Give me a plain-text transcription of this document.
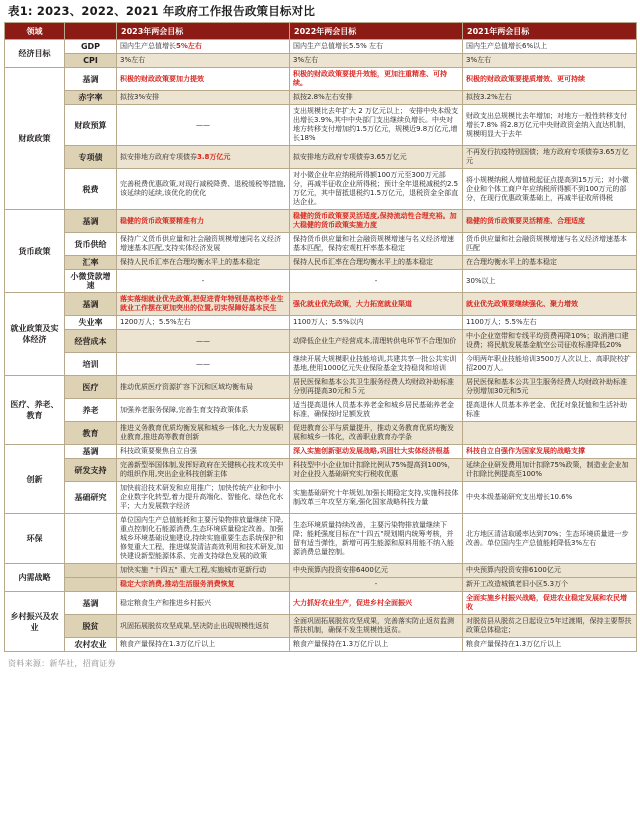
表1: 2023、2022、2021 年政府工作报告政策目标对比
领域		2023年两会目标	2022年两会目标	2021年两会目标
经济目标	GDP	国内生产总值增长5%左右	国内生产总值增长5.5% 左右	国内生产总值增长6%以上
	CPI	3%左右	3%左右	3%左右
财政政策	基调	积极的财政政策要加力提效	积极的财政政策要提升效能，更加注重精准、可持续。	积极的财政政策要提质增效、更可持续
	赤字率	拟按3%安排	拟按2.8%左右安排	拟按3.2%左右
	财政预算	——	支出规模比去年扩大 2 万亿元以上； 安排中央本级支出增长3.9%,其中中央部门支出继续负增长。中央对地方转移支付增加约1.5万亿元，规模近9.8万亿元,增长18%	财政支出总规模比去年增加；对地方一般性转移支付增长7.8% 将2.8万亿元中央财政资金纳入直达机制，规模明显大于去年
	专项债	拟安排地方政府专项债券3.8万亿元	拟安排地方政府专项债券3.65万亿元	不再发行抗疫特别国债；地方政府专项债券3.65万亿元
	税费	完善税费优惠政策,对现行减税降费、退税缓税等措施,该延续的延续,该优化的优化	对小微企业年应纳税所得额100万元至300万元部分，再减半征收企业所得税；预计全年退税减税约2.5万亿元，其中留抵退税约1.5万亿元，退税资金全部直达企业。	将小规模纳税人增值税起征点提高到15万元；对小微企业和个体工商户年应纳税所得额不到100万元的部分，在现行优惠政策基础上，再减半征收所得税
货币政策	基调	稳健的货币政策要精准有力	稳健的货币政策要灵活适度,保持流动性合理充裕。加大稳健的货币政策实施力度	稳健的货币政策要灵活精准、合理适度
	货币供给	保持广义货币供应量和社会融资规模增速同名义经济增速基本匹配,支持实体经济发展	保持货币供应量和社会融资规模增速与名义经济增速基本匹配，保持宏观杠杆率基本稳定	货币供应量和社会融资规模增速与名义经济增速基本匹配
	汇率	保持人民币汇率在合理均衡水平上的基本稳定	保持人民币汇率在合理均衡水平上的基本稳定	在合理均衡水平上的基本稳定
	小微贷款增速	-	-	30%以上
就业政策及实体经济	基调	落实落细就业优先政策,把促进青年特别是高校毕业生就业工作摆在更加突出的位置,切实保障好基本民生	强化就业优先政策，大力拓宽就业渠道	就业优先政策要继续强化、聚力增效
	失业率	1200万人；5.5%左右	1100万人；5.5%以内	1100万人；5.5%左右
	经营成本	——	动降低企业生产经营成本,清理转供电环节不合理加价	中小企业宽带和专线平均资费再降10%；取消港口建设费；将民航发展基金航空公司征收标准降低20%
	培训	——	继续开展大规模职业技能培训,共建共享一批公共实训基地,使用1000亿元失业保险基金支持稳岗和培训	今明两年职业技能培训3500万人次以上、高职院校扩招200万人。
医疗、养老、教育	医疗	推动优质医疗资源扩容下沉和区域均衡布局	居民医保和基本公共卫生服务经费人均财政补助标准分别再提高30元和５元	居民医保和基本公共卫生服务经费人均财政补助标准分别增加30元和5元
	养老	加强养老服务保障,完善生育支持政策体系	适当提高退休人员基本养老金和城乡居民基础养老金标准，确保按时足额发放	提高退休人员基本养老金、优抚对象抚恤和生活补助标准
	教育	推进义务教育优质均衡发展和城乡一体化,大力发展职业教育,推进高等教育创新	促进教育公平与质量提升，推动义务教育优质均衡发展和城乡一体化，改善职业教育办学条	
创新	基调	科技政策要聚焦自立自强	深入实施创新驱动发展战略,巩固壮大实体经济根基	科技自立自强作为国家发展的战略支撑
	研发支持	完善新型举国体制,发挥好政府在关键核心技术攻关中的组织作用,突出企业科技创新主体	科技型中小企业加计扣除比例从75%提高到100%，对企业投入基础研究实行税收优惠	延续企业研发费用加计扣除75%政策，制造业企业加计扣除比例提高至100%
	基础研究	加快前沿技术研发和应用推广；加快传统产业和中小企业数字化转型,着力提升高端化、智能化、绿色化水平；大力发展数字经济	实施基础研究十年规划,加强长期稳定支持,实施科技体制改革三年攻坚方案,强化国家战略科技力量	中央本级基础研究支出增长10.6%
环保		单位国内生产总值能耗和主要污染物排放量继续下降,重点控制化石能源消费,生态环境质量稳定改善。加强城乡环境基础设施建设,持续实施重要生态系统保护和修复重大工程，推进煤炭清洁高效利用和技术研发,加快建设新型能源体系、完善支持绿色发展的政策	生态环境质量持续改善，主要污染物排放量继续下降；能耗强度目标在"十四五"规划期内统筹考核，并留有适当弹性，新增可再生能源和原料用能不纳入能源消费总量控制。	北方地区清洁取暖率达到70%；生态环境质量进一步改善。单位国内生产总值能耗降低3%左右
内需战略		加快实施 "十四五" 重大工程,实施城市更新行动	中央预算内投资安排6400亿元	中央预算内投资安排6100亿元
		稳定大宗消费,推动生活服务消费恢复	-	新开工改造城镇老旧小区5.3万个
乡村振兴及农业	基调	稳定粮食生产和推进乡村振兴	大力抓好农业生产，促进乡村全面振兴	全面实施乡村振兴战略，促进农业稳定发展和农民增收
	脱贫	巩固拓展脱贫攻坚成果,坚决防止出现规模性返贫	全面巩固拓展脱贫攻坚成果，完善落实防止返贫监测帮扶机制，确保不发生规模性返贫。	对脱贫县从脱贫之日起设立5年过渡期，保持主要帮扶政策总体稳定；
	农村农业	粮食产量保持在1.3万亿斤以上	粮食产量保持在1.3万亿斤以上	粮食产量保持在1.3万亿斤以上
资料来源：新华社，招商证券
